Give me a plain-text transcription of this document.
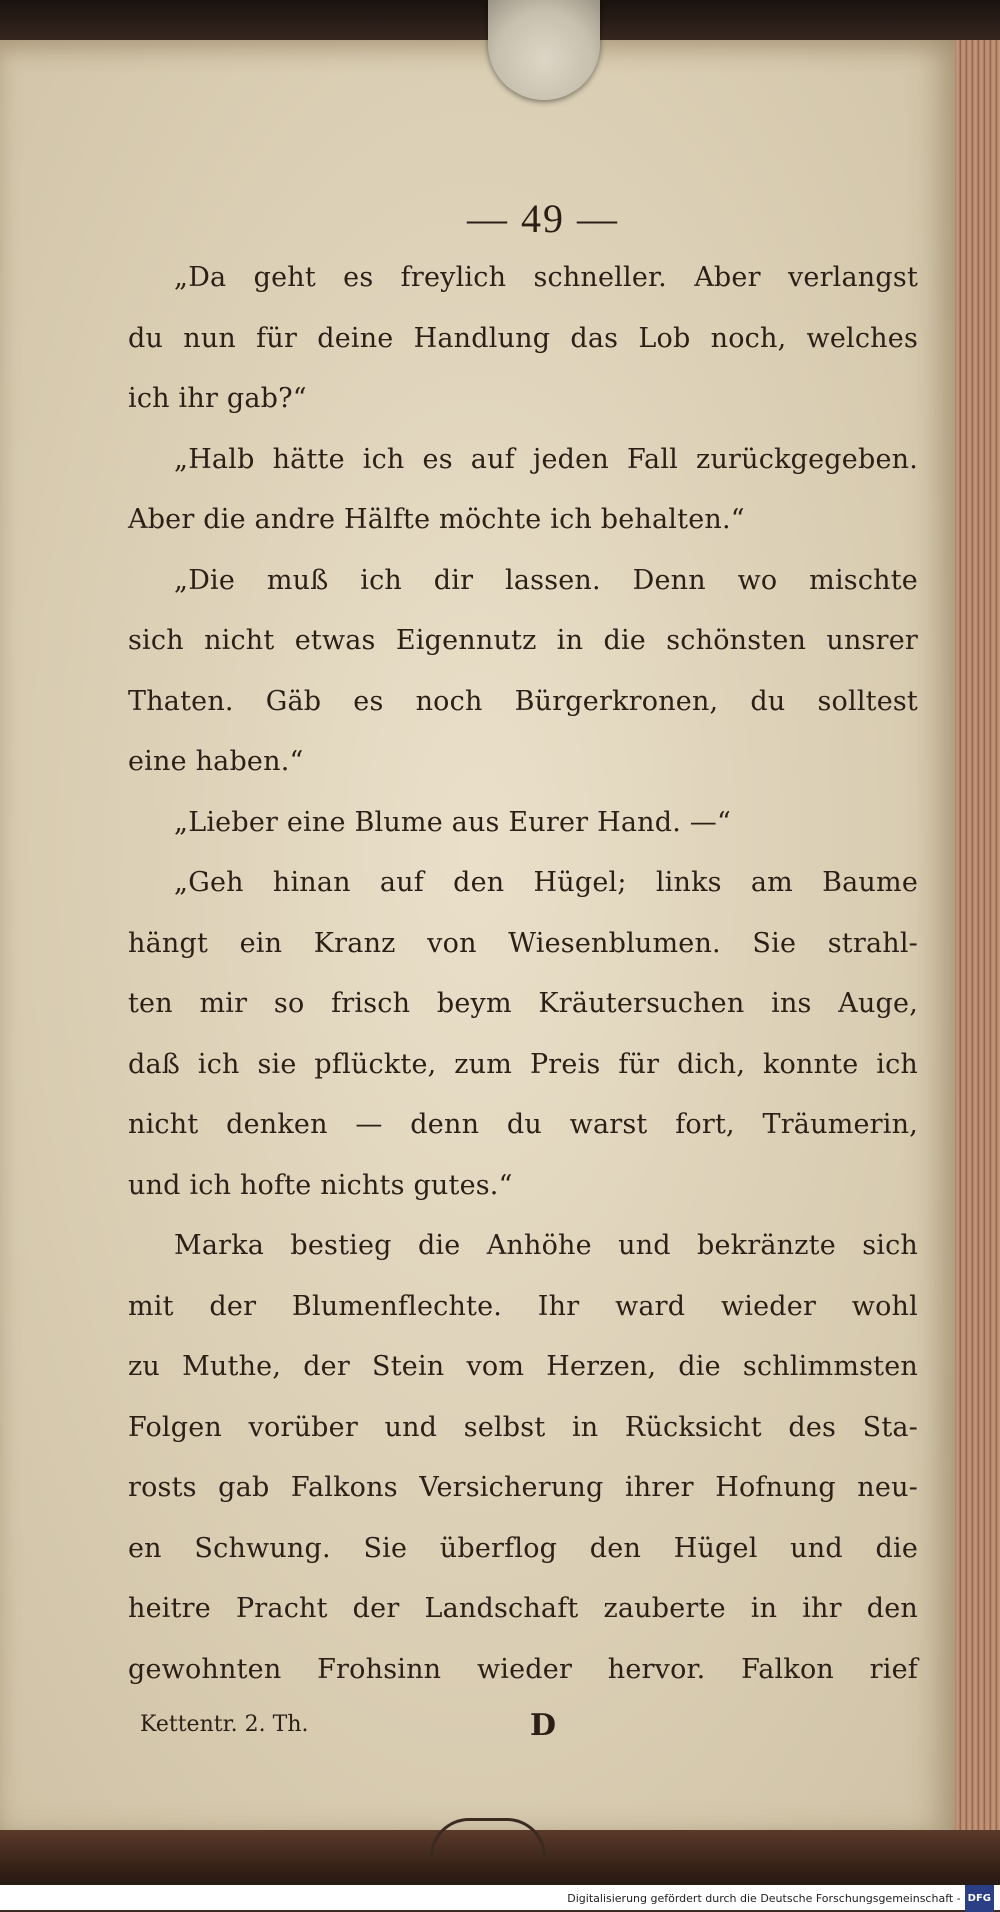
— 49 —
„Da geht es freylich schneller. Aber verlangst
du nun für deine Handlung das Lob noch, welches
ich ihr gab?“
„Halb hätte ich es auf jeden Fall zurückgegeben.
Aber die andre Hälfte möchte ich behalten.“
„Die muß ich dir lassen. Denn wo mischte
sich nicht etwas Eigennutz in die schönsten unsrer
Thaten. Gäb es noch Bürgerkronen, du solltest
eine haben.“
„Lieber eine Blume aus Eurer Hand. —“
„Geh hinan auf den Hügel; links am Baume
hängt ein Kranz von Wiesenblumen. Sie strahl-
ten mir so frisch beym Kräutersuchen ins Auge,
daß ich sie pflückte, zum Preis für dich, konnte ich
nicht denken — denn du warst fort, Träumerin,
und ich hofte nichts gutes.“
Marka bestieg die Anhöhe und bekränzte sich
mit der Blumenflechte. Ihr ward wieder wohl
zu Muthe, der Stein vom Herzen, die schlimmsten
Folgen vorüber und selbst in Rücksicht des Sta-
rosts gab Falkons Versicherung ihrer Hofnung neu-
en Schwung. Sie überflog den Hügel und die
heitre Pracht der Landschaft zauberte in ihr den
gewohnten Frohsinn wieder hervor. Falkon rief
Kettentr. 2. Th.	D
Digitalisierung gefördert durch die Deutsche Forschungsgemeinschaft - DFG
